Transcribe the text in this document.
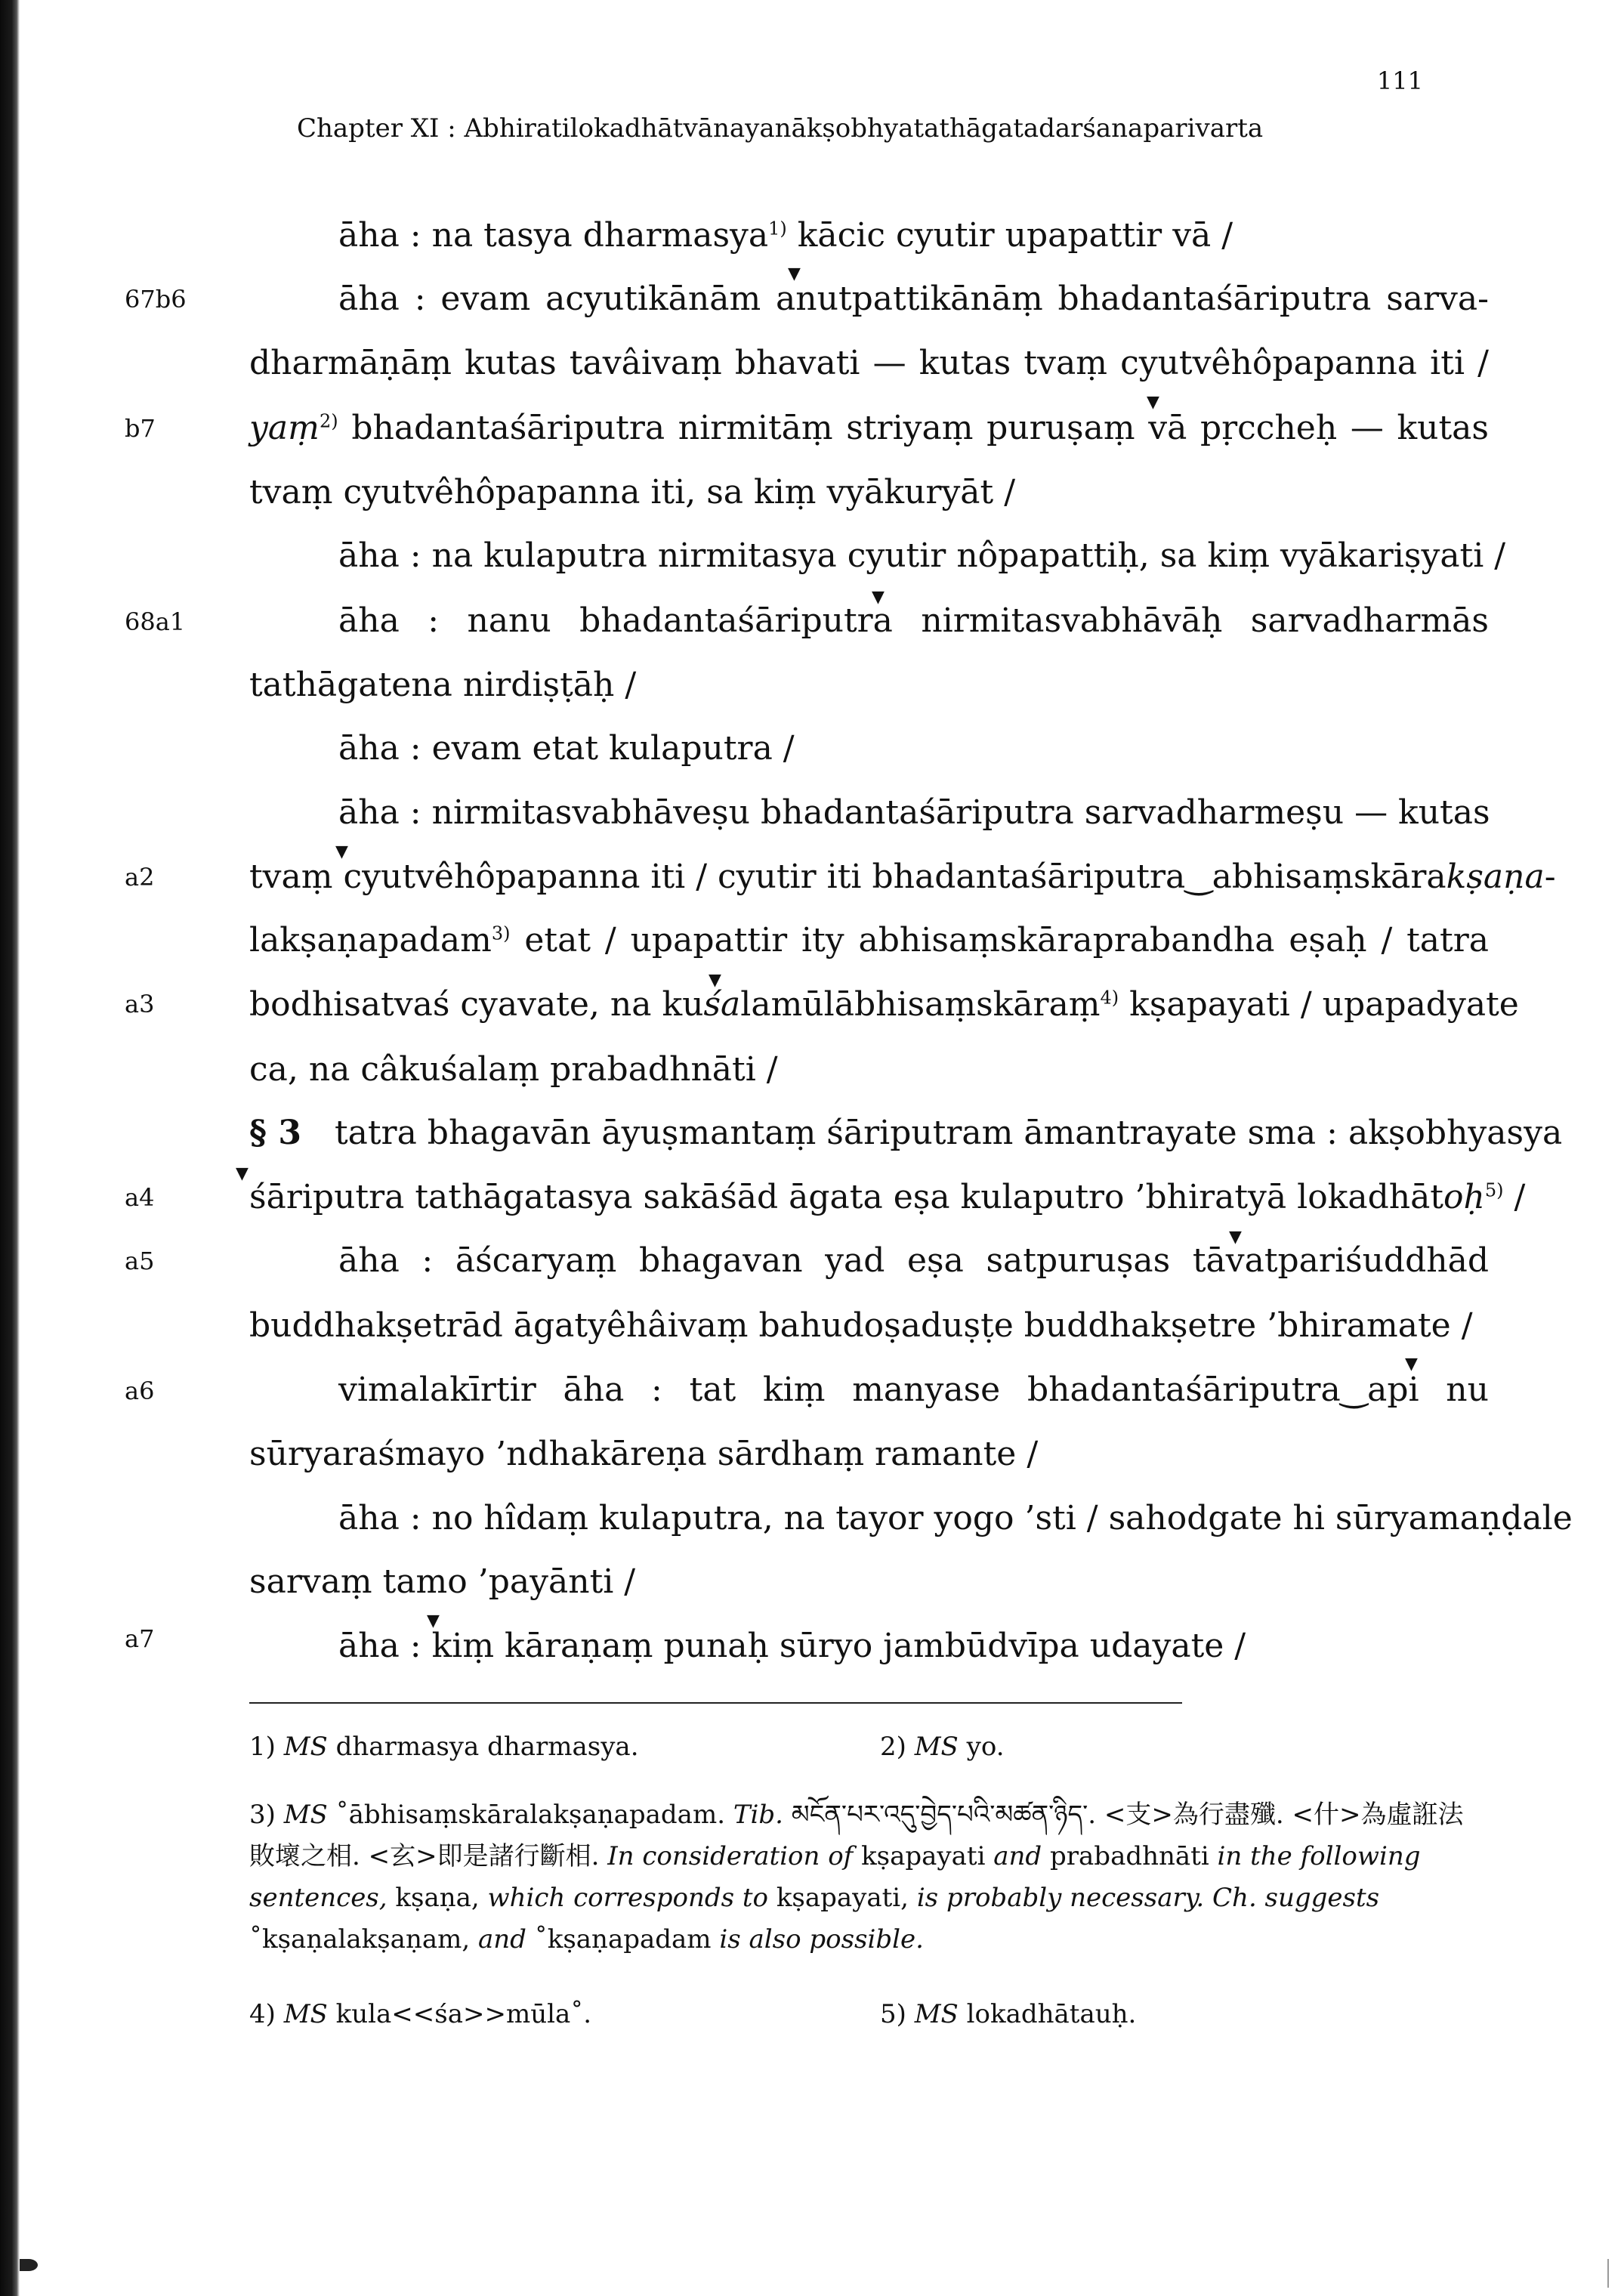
111
Chapter XI : Abhiratilokadhātvānayanākṣobhyatathāgatadarśanaparivarta
67b6
b7
68a1
a2
a3
a4
a5
a6
a7
āha : na tasya dharmasya$^{1)}$ kācic cyutir upapattir vā /
āha : evam acyutikānām anutpattikānāṃ bhadantaśāriputra sarva-
dharmāṇāṃ kutas tavâivaṃ bhavati — kutas tvaṃ cyutvêhôpapanna iti /
yaṃ$^{2)}$ bhadantaśāriputra nirmitāṃ striyaṃ puruṣaṃ vā pṛccheḥ — kutas
tvaṃ cyutvêhôpapanna iti, sa kiṃ vyākuryāt /
āha : na kulaputra nirmitasya cyutir nôpapattiḥ, sa kiṃ vyākariṣyati /
āha : nanu bhadantaśāriputra nirmitasvabhāvāḥ sarvadharmās
tathāgatena nirdiṣṭāḥ /
āha : evam etat kulaputra /
āha : nirmitasvabhāveṣu bhadantaśāriputra sarvadharmeṣu — kutas
tvaṃ cyutvêhôpapanna iti / cyutir iti bhadantaśāriputra‿abhisaṃskārakṣaṇa-
lakṣaṇapadam$^{3)}$ etat / upapattir ity abhisaṃskāraprabandha eṣaḥ / tatra
bodhisatvaś cyavate, na kuśalamūlābhisaṃskāraṃ$^{4)}$ kṣapayati / upapadyate
ca, na câkuśalaṃ prabadhnāti /
§ 3 tatra bhagavān āyuṣmantaṃ śāriputram āmantrayate sma : akṣobhyasya
śāriputra tathāgatasya sakāśād āgata eṣa kulaputro ’bhiratyā lokadhātoḥ$^{5)}$ /
āha : āścaryaṃ bhagavan yad eṣa satpuruṣas tāvatpariśuddhād
buddhakṣetrād āgatyêhâivaṃ bahudoṣaduṣṭe buddhakṣetre ’bhiramate /
vimalakīrtir āha : tat kiṃ manyase bhadantaśāriputra‿api nu
sūryaraśmayo ’ndhakāreṇa sārdhaṃ ramante /
āha : no hîdaṃ kulaputra, na tayor yogo ’sti / sahodgate hi sūryamaṇḍale
sarvaṃ tamo ’payānti /
āha : kiṃ kāraṇaṃ punaḥ sūryo jambūdvīpa udayate /
▼
▼
▼
▼
▼
▼
▼
▼
▼
1) MS dharmasya dharmasya.	2) MS yo.
3) MS ˚ābhisaṃskāralakṣaṇapadam. Tib. མངོན་པར་འདུ་བྱེད་པའི་མཚན་ཉིད་. <支>為行盡殲. <什>為虛誑法敗壞之相. <玄>即是諸行斷相. In consideration of kṣapayati and prabadhnāti in the following sentences, kṣaṇa, which corresponds to kṣapayati, is probably necessary. Ch. suggests ˚kṣaṇalakṣaṇam, and ˚kṣaṇapadam is also possible.
4) MS kula<<śa>>mūla˚.	5) MS lokadhātauḥ.
